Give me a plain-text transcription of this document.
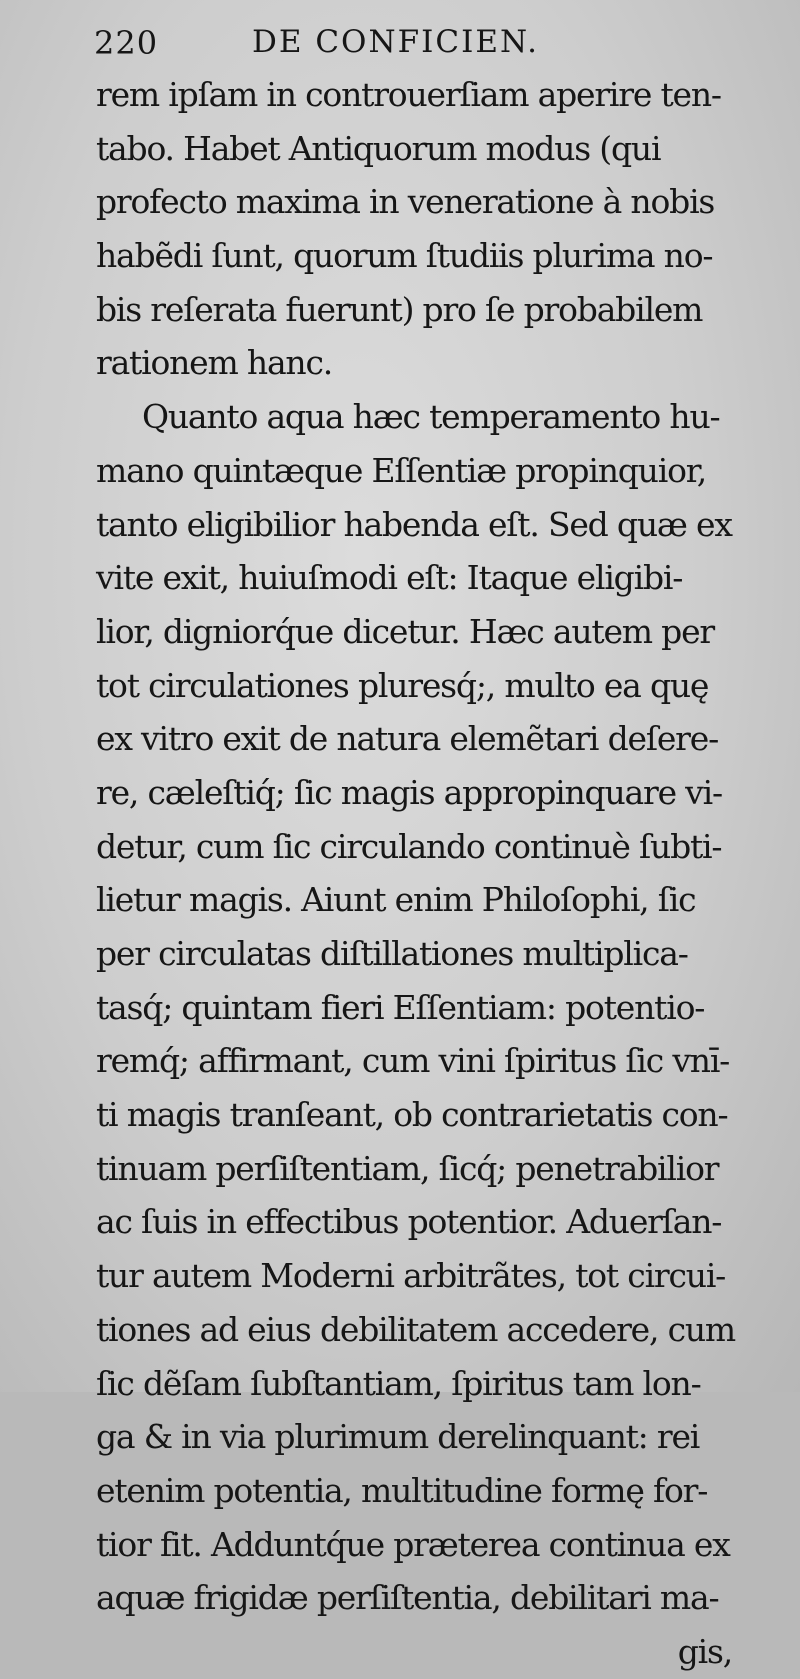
220	DE CONFICIEN.
rem ipſam in controuerſiam aperire ten-
tabo. Habet Antiquorum modus (qui
profecto maxima in veneratione à nobis
habẽdi ſunt, quorum ſtudiis plurima no-
bis reſerata fuerunt) pro ſe probabilem
rationem hanc.
Quanto aqua hæc temperamento hu-
mano quintæque Eſſentiæ propinquior,
tanto eligibilior habenda eſt. Sed quæ ex
vite exit, huiuſmodi eſt: Itaque eligibi-
lior, digniorq́ue dicetur. Hæc autem per
tot circulationes pluresq́;, multo ea quę
ex vitro exit de natura elemẽtari deſere-
re, cæleſtiq́; ſic magis appropinquare vi-
detur, cum ſic circulando continuè ſubti-
lietur magis. Aiunt enim Philoſophi, ſic
per circulatas diſtillationes multiplica-
tasq́; quintam fieri Eſſentiam: potentio-
remq́; affirmant, cum vini ſpiritus ſic vnī-
ti magis tranſeant, ob contrarietatis con-
tinuam perſiſtentiam, ſicq́; penetrabilior
ac ſuis in effectibus potentior. Aduerſan-
tur autem Moderni arbitrãtes, tot circui-
tiones ad eius debilitatem accedere, cum
ſic dẽſam ſubſtantiam, ſpiritus tam lon-
ga & in via plurimum derelinquant: rei
etenim potentia, multitudine formę for-
tior fit. Adduntq́ue præterea continua ex
aquæ frigidæ perſiſtentia, debilitari ma-
gis,
